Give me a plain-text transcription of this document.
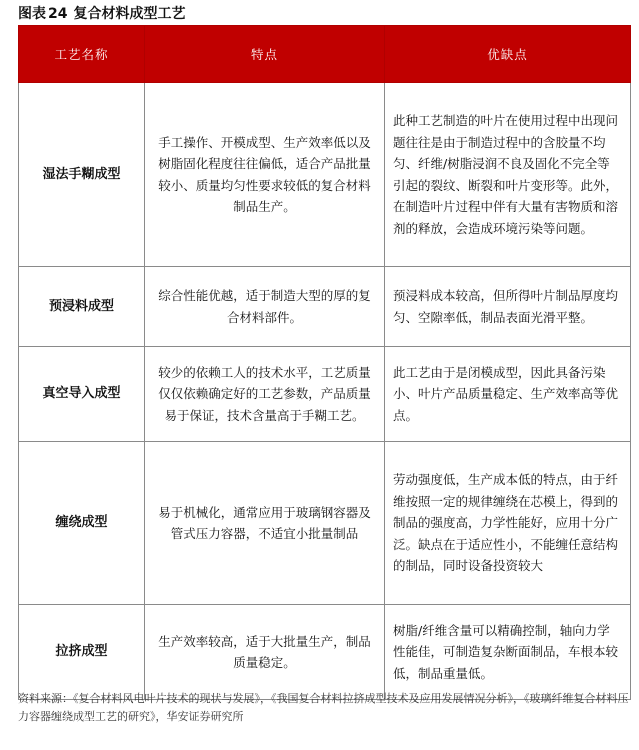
图表 24 复合材料成型工艺
工艺名称	特点	优缺点
湿法手糊成型	手工操作、开模成型、生产效率低以及树脂固化程度往往偏低，适合产品批量较小、质量均匀性要求较低的复合材料制品生产。	此种工艺制造的叶片在使用过程中出现问题往往是由于制造过程中的含胶量不均匀、纤维/树脂浸润不良及固化不完全等引起的裂纹、断裂和叶片变形等。此外，在制造叶片过程中伴有大量有害物质和溶剂的释放，会造成环境污染等问题。
预浸料成型	综合性能优越，适于制造大型的厚的复合材料部件。	预浸料成本较高，但所得叶片制品厚度均匀、空隙率低，制品表面光滑平整。
真空导入成型	较少的依赖工人的技术水平，工艺质量仅仅依赖确定好的工艺参数，产品质量易于保证，技术含量高于手糊工艺。	此工艺由于是闭模成型，因此具备污染小、叶片产品质量稳定、生产效率高等优点。
缠绕成型	易于机械化，通常应用于玻璃钢容器及管式压力容器，不适宜小批量制品	劳动强度低，生产成本低的特点，由于纤维按照一定的规律缠绕在芯模上，得到的制品的强度高，力学性能好，应用十分广泛。缺点在于适应性小，不能缠任意结构的制品，同时设备投资较大
拉挤成型	生产效率较高，适于大批量生产，制品质量稳定。	树脂/纤维含量可以精确控制，轴向力学性能佳，可制造复杂断面制品，车根本较低，制品重量低。
资料来源：《复合材料风电叶片技术的现状与发展》，《我国复合材料拉挤成型技术及应用发展情况分析》，《玻璃纤维复合材料压力容器缠绕成型工艺的研究》，华安证券研究所
